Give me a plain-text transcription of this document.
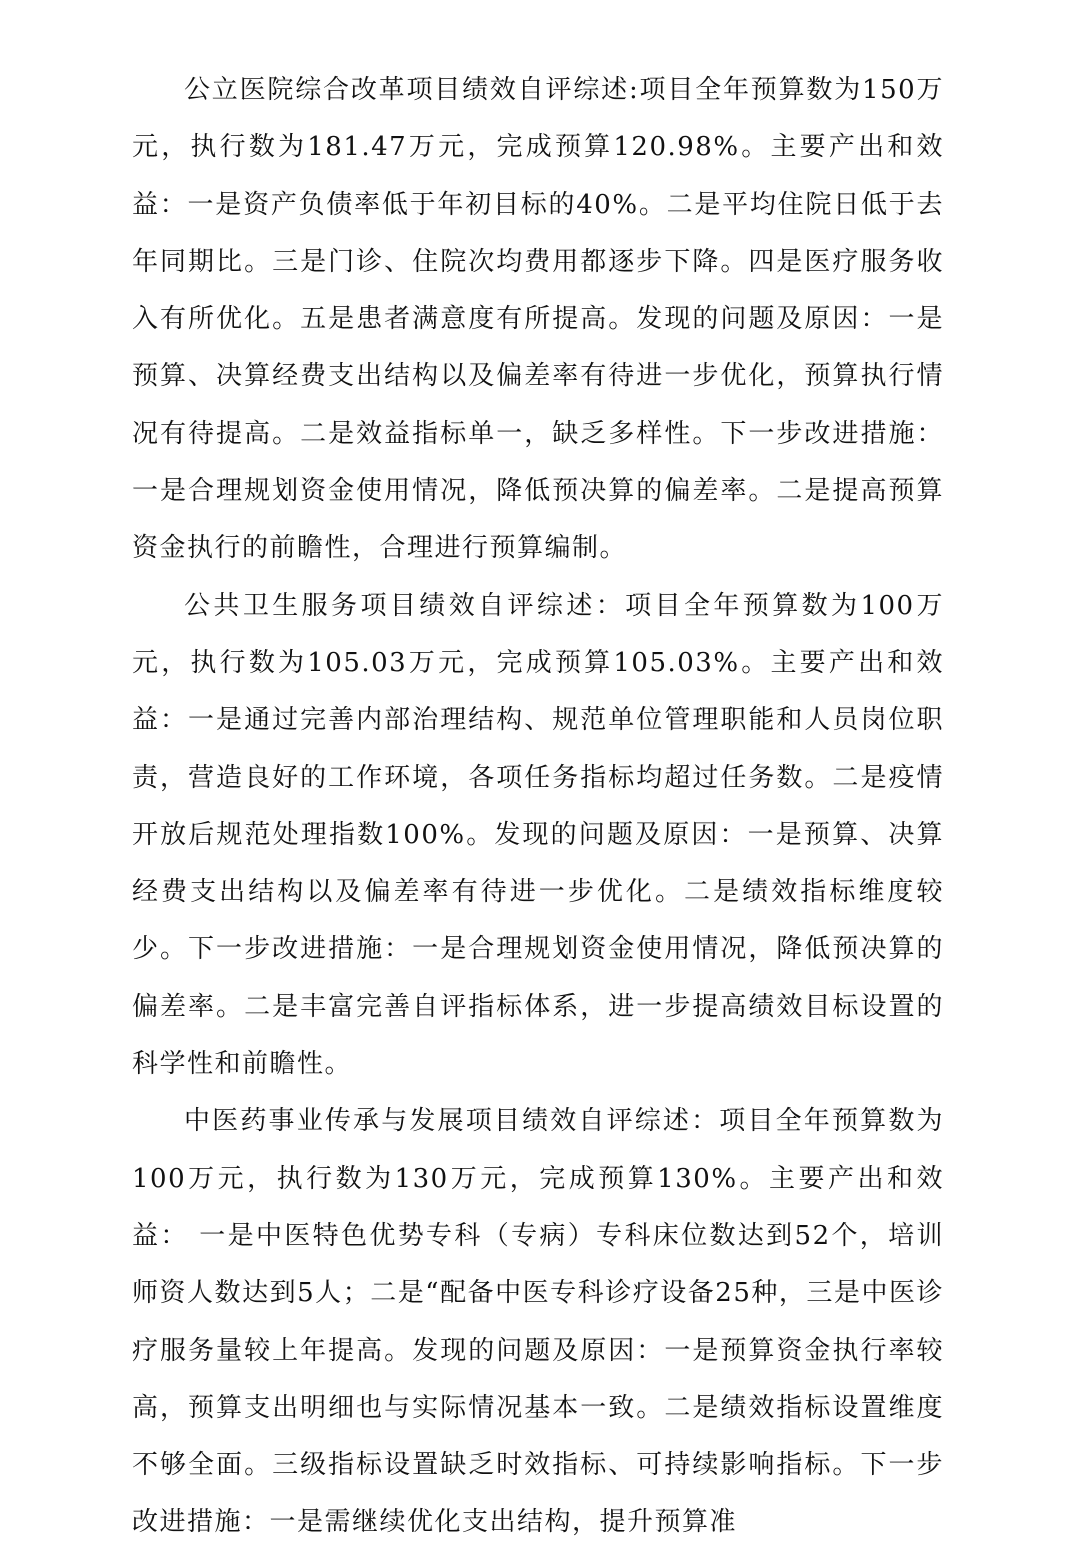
公立医院综合改革项目绩效自评综述:项目全年预算数为150万元，执行数为181.47万元，完成预算120.98%。主要产出和效益：一是资产负债率低于年初目标的40%。二是平均住院日低于去年同期比。三是门诊、住院次均费用都逐步下降。四是医疗服务收入有所优化。五是患者满意度有所提高。发现的问题及原因：一是预算、决算经费支出结构以及偏差率有待进一步优化，预算执行情况有待提高。二是效益指标单一，缺乏多样性。下一步改进措施：一是合理规划资金使用情况，降低预决算的偏差率。二是提高预算资金执行的前瞻性，合理进行预算编制。

公共卫生服务项目绩效自评综述：项目全年预算数为100万元，执行数为105.03万元，完成预算105.03%。主要产出和效益：一是通过完善内部治理结构、规范单位管理职能和人员岗位职责，营造良好的工作环境，各项任务指标均超过任务数。二是疫情开放后规范处理指数100%。发现的问题及原因：一是预算、决算经费支出结构以及偏差率有待进一步优化。二是绩效指标维度较少。下一步改进措施：一是合理规划资金使用情况，降低预决算的偏差率。二是丰富完善自评指标体系，进一步提高绩效目标设置的科学性和前瞻性。

中医药事业传承与发展项目绩效自评综述：项目全年预算数为100万元，执行数为130万元，完成预算130%。主要产出和效益： 一是中医特色优势专科（专病）专科床位数达到52个，培训师资人数达到5人；二是“配备中医专科诊疗设备25种，三是中医诊疗服务量较上年提高。发现的问题及原因：一是预算资金执行率较高，预算支出明细也与实际情况基本一致。二是绩效指标设置维度不够全面。三级指标设置缺乏时效指标、可持续影响指标。下一步改进措施：一是需继续优化支出结构，提升预算准
